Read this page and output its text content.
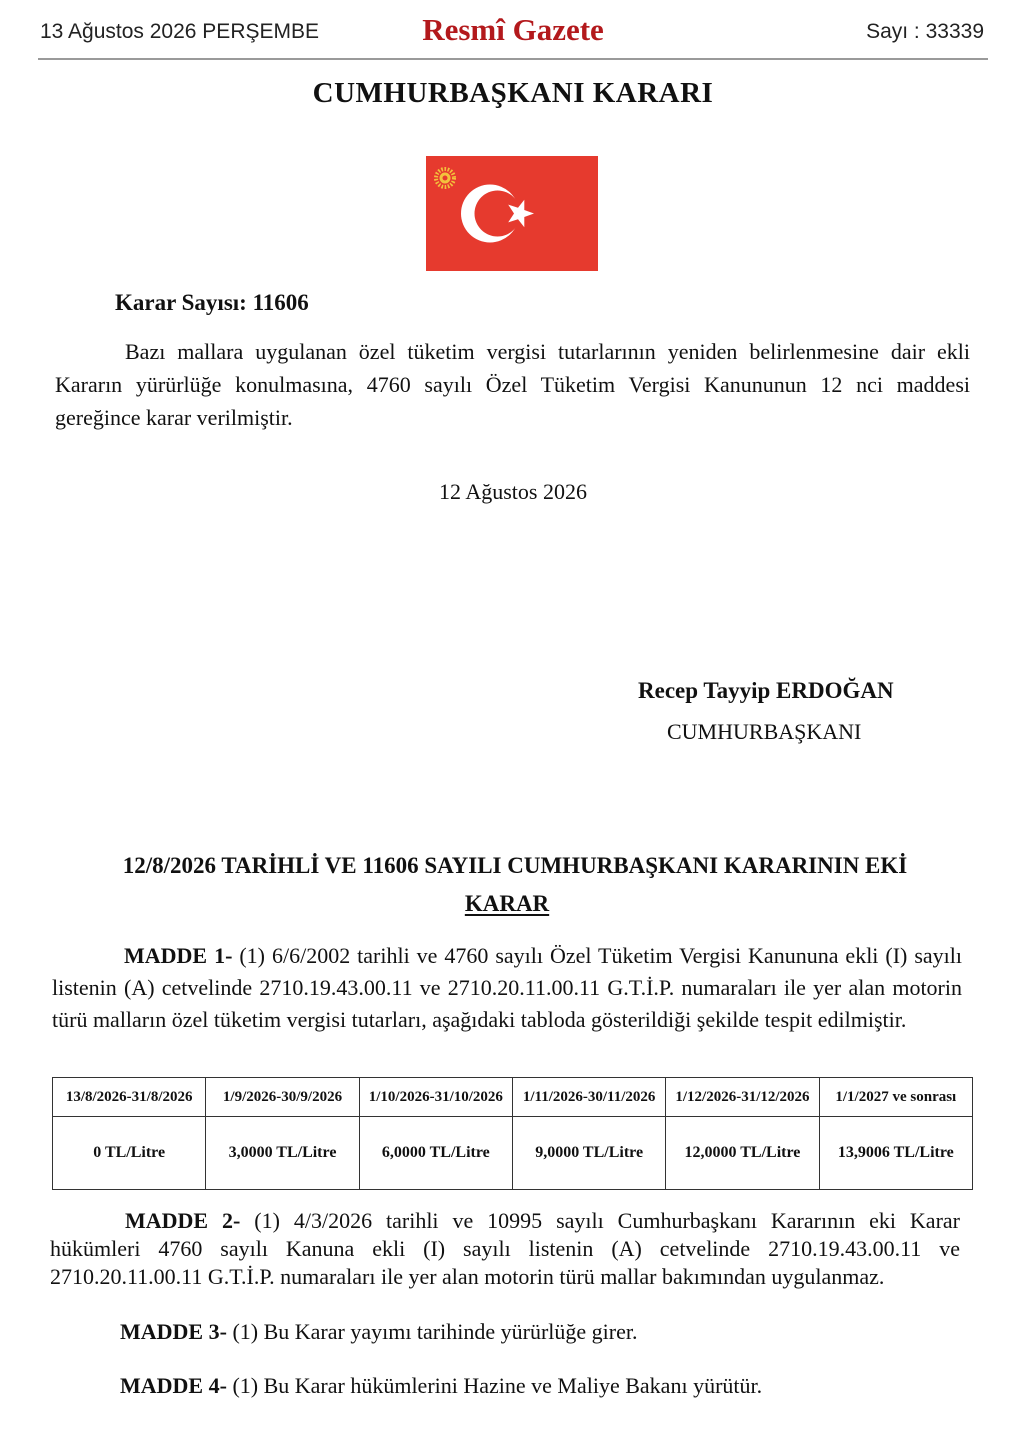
13 Ağustos 2026 PERŞEMBE	Resmî Gazete	Sayı : 33339
CUMHURBAŞKANI KARARI
Karar Sayısı: 11606
Bazı mallara uygulanan özel tüketim vergisi tutarlarının yeniden belirlenmesine dair ekli Kararın yürürlüğe konulmasına, 4760 sayılı Özel Tüketim Vergisi Kanununun 12 nci maddesi gereğince karar verilmiştir.
12 Ağustos 2026
Recep Tayyip ERDOĞAN
CUMHURBAŞKANI
12/8/2026 TARİHLİ VE 11606 SAYILI CUMHURBAŞKANI KARARININ EKİ
KARAR
MADDE 1- (1) 6/6/2002 tarihli ve 4760 sayılı Özel Tüketim Vergisi Kanununa ekli (I) sayılı listenin (A) cetvelinde 2710.19.43.00.11 ve 2710.20.11.00.11 G.T.İ.P. numaraları ile yer alan motorin türü malların özel tüketim vergisi tutarları, aşağıdaki tabloda gösterildiği şekilde tespit edilmiştir.
13/8/2026-31/8/2026	1/9/2026-30/9/2026	1/10/2026-31/10/2026	1/11/2026-30/11/2026	1/12/2026-31/12/2026	1/1/2027 ve sonrası
0 TL/Litre	3,0000 TL/Litre	6,0000 TL/Litre	9,0000 TL/Litre	12,0000 TL/Litre	13,9006 TL/Litre
MADDE 2- (1) 4/3/2026 tarihli ve 10995 sayılı Cumhurbaşkanı Kararının eki Karar hükümleri 4760 sayılı Kanuna ekli (I) sayılı listenin (A) cetvelinde 2710.19.43.00.11 ve 2710.20.11.00.11 G.T.İ.P. numaraları ile yer alan motorin türü mallar bakımından uygulanmaz.
MADDE 3- (1) Bu Karar yayımı tarihinde yürürlüğe girer.
MADDE 4- (1) Bu Karar hükümlerini Hazine ve Maliye Bakanı yürütür.
